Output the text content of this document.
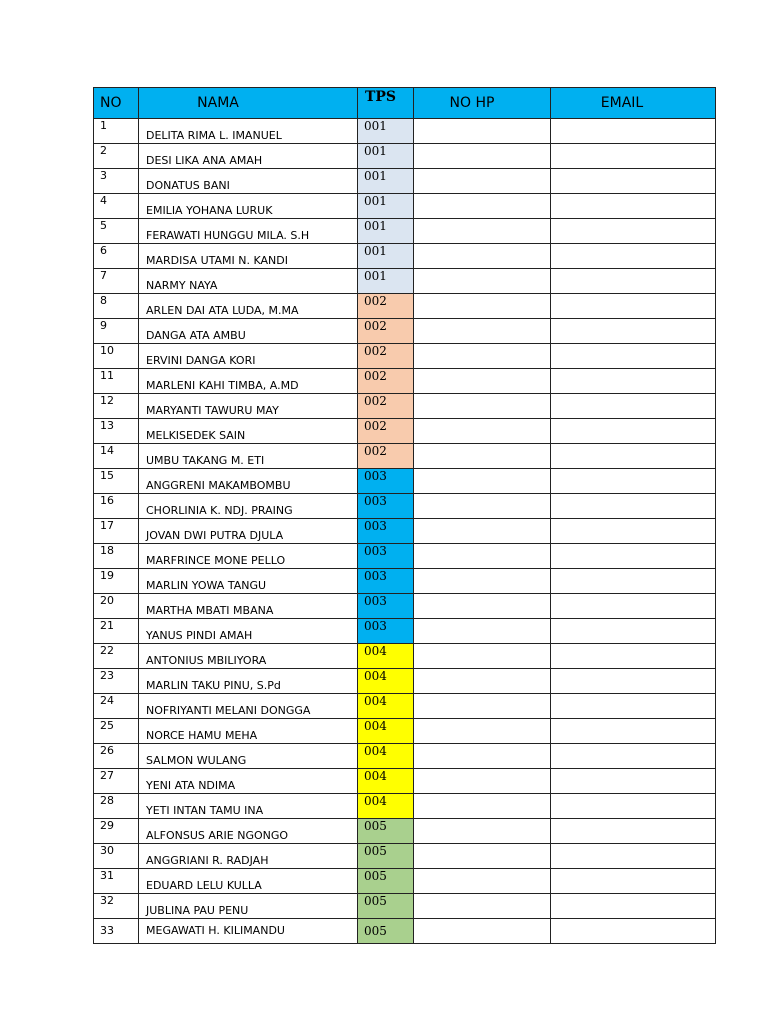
NO	NAMA	TPS	NO HP	EMAIL
1	DELITA RIMA L. IMANUEL	001		
2	DESI LIKA ANA AMAH	001		
3	DONATUS BANI	001		
4	EMILIA YOHANA LURUK	001		
5	FERAWATI HUNGGU MILA. S.H	001		
6	MARDISA UTAMI N. KANDI	001		
7	NARMY NAYA	001		
8	ARLEN DAI ATA LUDA, M.MA	002		
9	DANGA ATA AMBU	002		
10	ERVINI DANGA KORI	002		
11	MARLENI KAHI TIMBA, A.MD	002		
12	MARYANTI TAWURU MAY	002		
13	MELKISEDEK SAIN	002		
14	UMBU TAKANG M. ETI	002		
15	ANGGRENI MAKAMBOMBU	003		
16	CHORLINIA K. NDJ. PRAING	003		
17	JOVAN DWI PUTRA DJULA	003		
18	MARFRINCE MONE PELLO	003		
19	MARLIN YOWA TANGU	003		
20	MARTHA MBATI MBANA	003		
21	YANUS PINDI AMAH	003		
22	ANTONIUS MBILIYORA	004		
23	MARLIN TAKU PINU, S.Pd	004		
24	NOFRIYANTI MELANI DONGGA	004		
25	NORCE HAMU MEHA	004		
26	SALMON WULANG	004		
27	YENI ATA NDIMA	004		
28	YETI INTAN TAMU INA	004		
29	ALFONSUS ARIE NGONGO	005		
30	ANGGRIANI R. RADJAH	005		
31	EDUARD LELU KULLA	005		
32	JUBLINA PAU PENU	005		
33	MEGAWATI H. KILIMANDU	005		
